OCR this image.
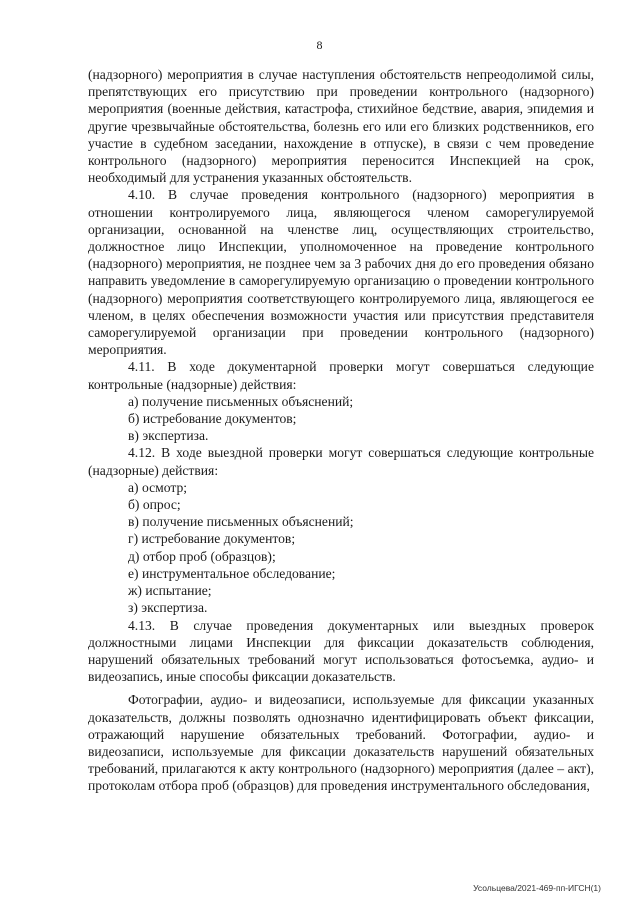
8

(надзорного) мероприятия в случае наступления обстоятельств непреодолимой силы, препятствующих его присутствию при проведении контрольного (надзорного) мероприятия (военные действия, катастрофа, стихийное бедствие, авария, эпидемия и другие чрезвычайные обстоятельства, болезнь его или его близких родственников, его участие в судебном заседании, нахождение в отпуске), в связи с чем проведение контрольного (надзорного) мероприятия переносится Инспекцией на срок, необходимый для устранения указанных обстоятельств.

4.10. В случае проведения контрольного (надзорного) мероприятия в отношении контролируемого лица, являющегося членом саморегулируемой организации, основанной на членстве лиц, осуществляющих строительство, должностное лицо Инспекции, уполномоченное на проведение контрольного (надзорного) мероприятия, не позднее чем за 3 рабочих дня до его проведения обязано направить уведомление в саморегулируемую организацию о проведении контрольного (надзорного) мероприятия соответствующего контролируемого лица, являющегося ее членом, в целях обеспечения возможности участия или присутствия представителя саморегулируемой организации при проведении контрольного (надзорного) мероприятия.

4.11. В ходе документарной проверки могут совершаться следующие контрольные (надзорные) действия:

а) получение письменных объяснений;

б) истребование документов;

в) экспертиза.

4.12. В ходе выездной проверки могут совершаться следующие контрольные (надзорные) действия:

а) осмотр;

б) опрос;

в) получение письменных объяснений;

г) истребование документов;

д) отбор проб (образцов);

е) инструментальное обследование;

ж) испытание;

з) экспертиза.

4.13. В случае проведения документарных или выездных проверок должностными лицами Инспекции для фиксации доказательств соблюдения, нарушений обязательных требований могут использоваться фотосъемка, аудио- и видеозапись, иные способы фиксации доказательств.

Фотографии, аудио- и видеозаписи, используемые для фиксации указанных доказательств, должны позволять однозначно идентифицировать объект фиксации, отражающий нарушение обязательных требований. Фотографии, аудио- и видеозаписи, используемые для фиксации доказательств нарушений обязательных требований, прилагаются к акту контрольного (надзорного) мероприятия (далее – акт), протоколам отбора проб (образцов) для проведения инструментального обследования,

Усольцева/2021-469-пп-ИГСН(1)
